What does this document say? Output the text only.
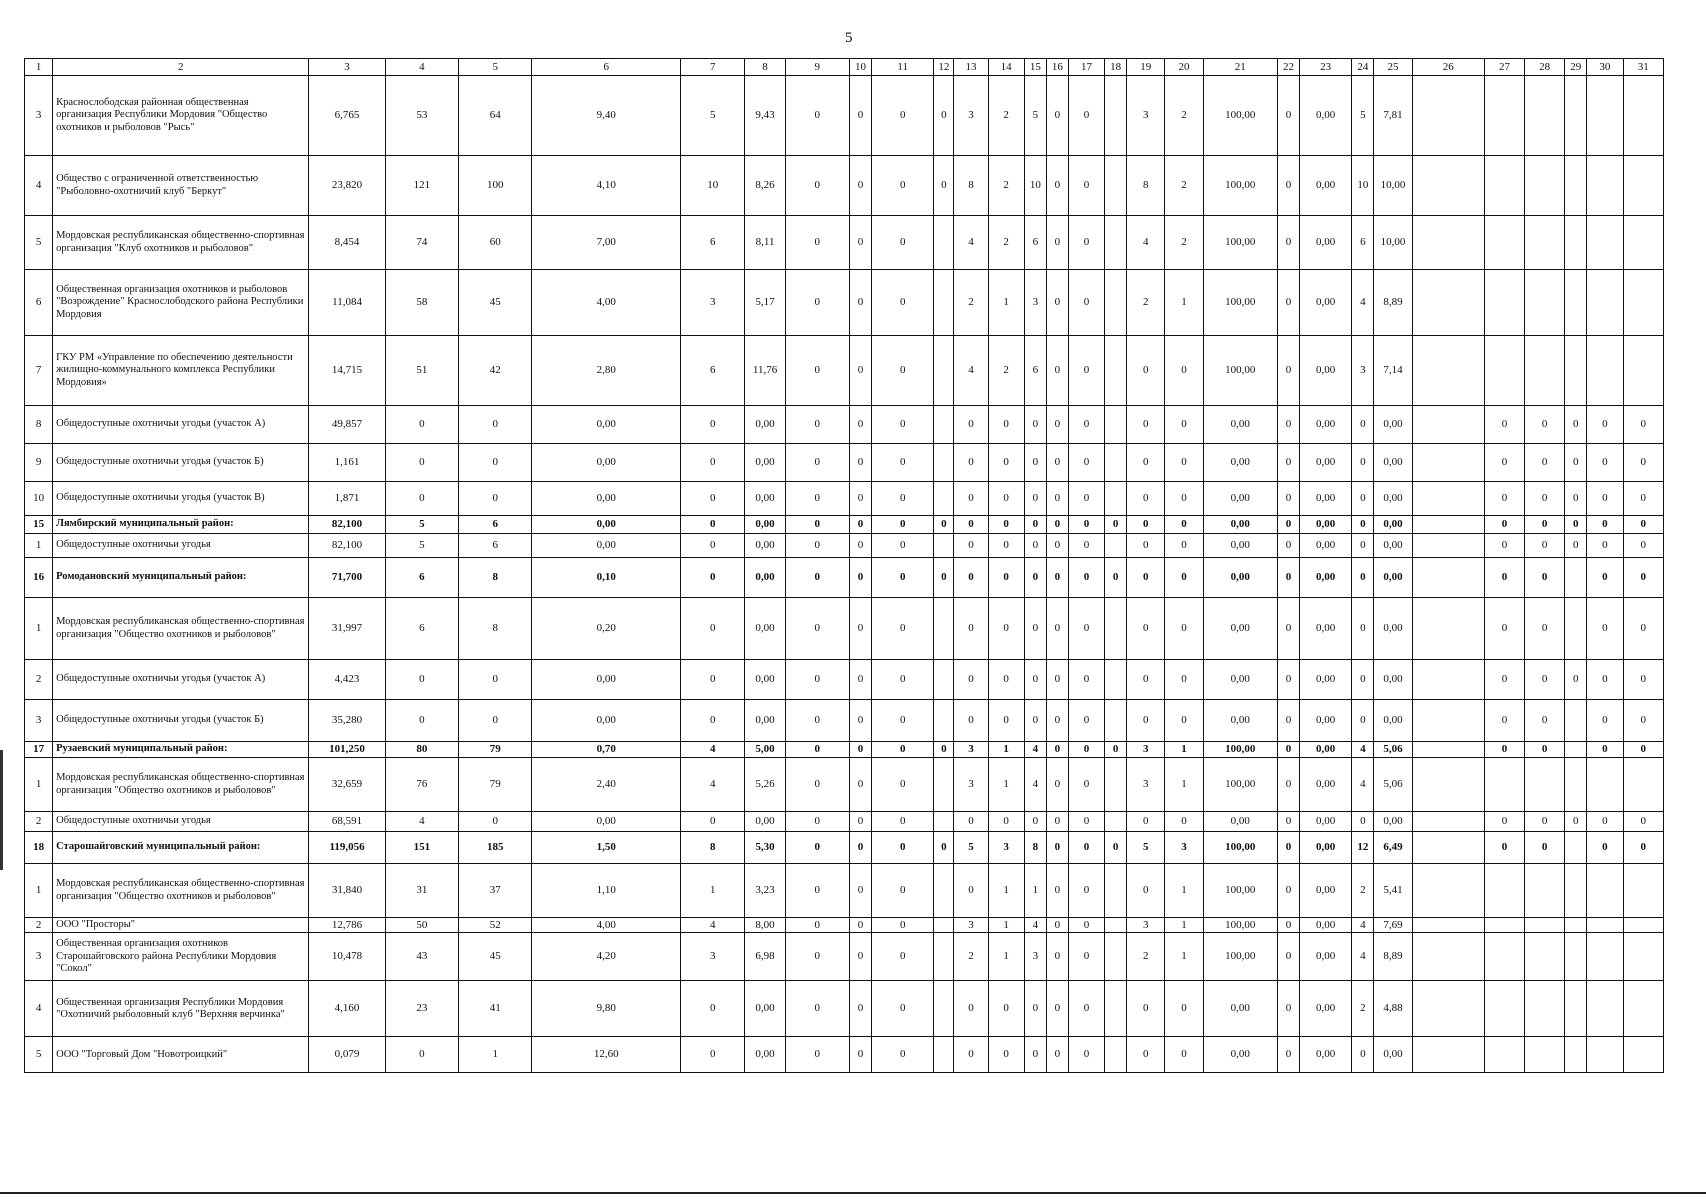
5
1	2	3	4	5	6	7	8	9	10	11	12	13	14	15	16	17	18	19	20	21	22	23	24	25	26	27	28	29	30	31
3	Краснослободская районная общественная организация Республики Мордовия "Общество охотников и рыболовов "Рысь"	6,765	53	64	9,40	5	9,43	0	0	0	0	3	2	5	0	0		3	2	100,00	0	0,00	5	7,81						
4	Общество с ограниченной ответственностью "Рыболовно-охотничий клуб "Беркут"	23,820	121	100	4,10	10	8,26	0	0	0	0	8	2	10	0	0		8	2	100,00	0	0,00	10	10,00						
5	Мордовская республиканская общественно-спортивная организация "Клуб охотников и рыболовов"	8,454	74	60	7,00	6	8,11	0	0	0		4	2	6	0	0		4	2	100,00	0	0,00	6	10,00						
6	Общественная организация охотников и рыболовов "Возрождение" Краснослободского района Республики Мордовия	11,084	58	45	4,00	3	5,17	0	0	0		2	1	3	0	0		2	1	100,00	0	0,00	4	8,89						
7	ГКУ РМ «Управление по обеспечению деятельности жилищно-коммунального комплекса Республики Мордовия»	14,715	51	42	2,80	6	11,76	0	0	0		4	2	6	0	0		0	0	100,00	0	0,00	3	7,14						
8	Общедоступные охотничьи угодья (участок А)	49,857	0	0	0,00	0	0,00	0	0	0		0	0	0	0	0		0	0	0,00	0	0,00	0	0,00		0	0	0	0	0
9	Общедоступные охотничьи угодья (участок Б)	1,161	0	0	0,00	0	0,00	0	0	0		0	0	0	0	0		0	0	0,00	0	0,00	0	0,00		0	0	0	0	0
10	Общедоступные охотничьи угодья (участок В)	1,871	0	0	0,00	0	0,00	0	0	0		0	0	0	0	0		0	0	0,00	0	0,00	0	0,00		0	0	0	0	0
15	Лямбирский муниципальный район:	82,100	5	6	0,00	0	0,00	0	0	0	0	0	0	0	0	0	0	0	0	0,00	0	0,00	0	0,00		0	0	0	0	0
1	Общедоступные охотничьи угодья	82,100	5	6	0,00	0	0,00	0	0	0		0	0	0	0	0		0	0	0,00	0	0,00	0	0,00		0	0	0	0	0
16	Ромодановский муниципальный район:	71,700	6	8	0,10	0	0,00	0	0	0	0	0	0	0	0	0	0	0	0	0,00	0	0,00	0	0,00		0	0		0	0
1	Мордовская республиканская общественно-спортивная организация "Общество охотников и рыболовов"	31,997	6	8	0,20	0	0,00	0	0	0		0	0	0	0	0		0	0	0,00	0	0,00	0	0,00		0	0		0	0
2	Общедоступные охотничьи угодья (участок А)	4,423	0	0	0,00	0	0,00	0	0	0		0	0	0	0	0		0	0	0,00	0	0,00	0	0,00		0	0	0	0	0
3	Общедоступные охотничьи угодья (участок Б)	35,280	0	0	0,00	0	0,00	0	0	0		0	0	0	0	0		0	0	0,00	0	0,00	0	0,00		0	0		0	0
17	Рузаевский муниципальный район:	101,250	80	79	0,70	4	5,00	0	0	0	0	3	1	4	0	0	0	3	1	100,00	0	0,00	4	5,06		0	0		0	0
1	Мордовская республиканская общественно-спортивная организация "Общество охотников и рыболовов"	32,659	76	79	2,40	4	5,26	0	0	0		3	1	4	0	0		3	1	100,00	0	0,00	4	5,06						
2	Общедоступные охотничьи угодья	68,591	4	0	0,00	0	0,00	0	0	0		0	0	0	0	0		0	0	0,00	0	0,00	0	0,00		0	0	0	0	0
18	Старошайговский муниципальный район:	119,056	151	185	1,50	8	5,30	0	0	0	0	5	3	8	0	0	0	5	3	100,00	0	0,00	12	6,49		0	0		0	0
1	Мордовская республиканская общественно-спортивная организация "Общество охотников и рыболовов"	31,840	31	37	1,10	1	3,23	0	0	0		0	1	1	0	0		0	1	100,00	0	0,00	2	5,41						
2	ООО "Просторы"	12,786	50	52	4,00	4	8,00	0	0	0		3	1	4	0	0		3	1	100,00	0	0,00	4	7,69						
3	Общественная организация охотников Старошайговского района Республики Мордовия "Сокол"	10,478	43	45	4,20	3	6,98	0	0	0		2	1	3	0	0		2	1	100,00	0	0,00	4	8,89						
4	Общественная организация Республики Мордовия "Охотничий рыболовный клуб "Верхняя верчинка"	4,160	23	41	9,80	0	0,00	0	0	0		0	0	0	0	0		0	0	0,00	0	0,00	2	4,88						
5	ООО "Торговый Дом "Новотроицкий"	0,079	0	1	12,60	0	0,00	0	0	0		0	0	0	0	0		0	0	0,00	0	0,00	0	0,00						
